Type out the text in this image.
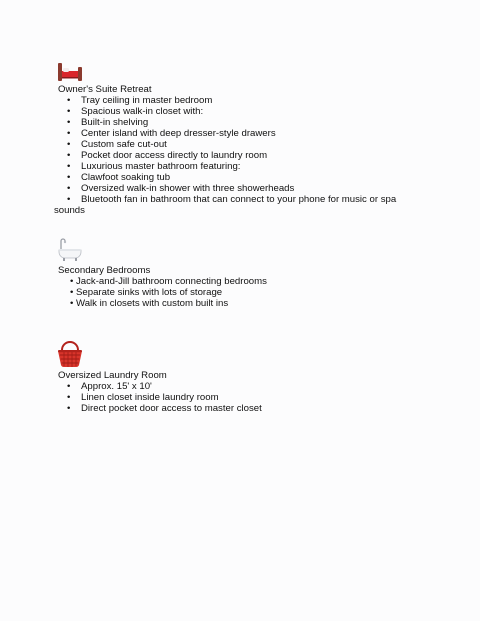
Owner's Suite Retreat
• Tray ceiling in master bedroom
• Spacious walk-in closet with:
• Built-in shelving
• Center island with deep dresser-style drawers
• Custom safe cut-out
• Pocket door access directly to laundry room
• Luxurious master bathroom featuring:
• Clawfoot soaking tub
• Oversized walk-in shower with three showerheads
• Bluetooth fan in bathroom that can connect to your phone for music or spa
sounds
Secondary Bedrooms
• Jack-and-Jill bathroom connecting bedrooms
• Separate sinks with lots of storage
• Walk in closets with custom built ins
Oversized Laundry Room
• Approx. 15' x 10'
• Linen closet inside laundry room
• Direct pocket door access to master closet
